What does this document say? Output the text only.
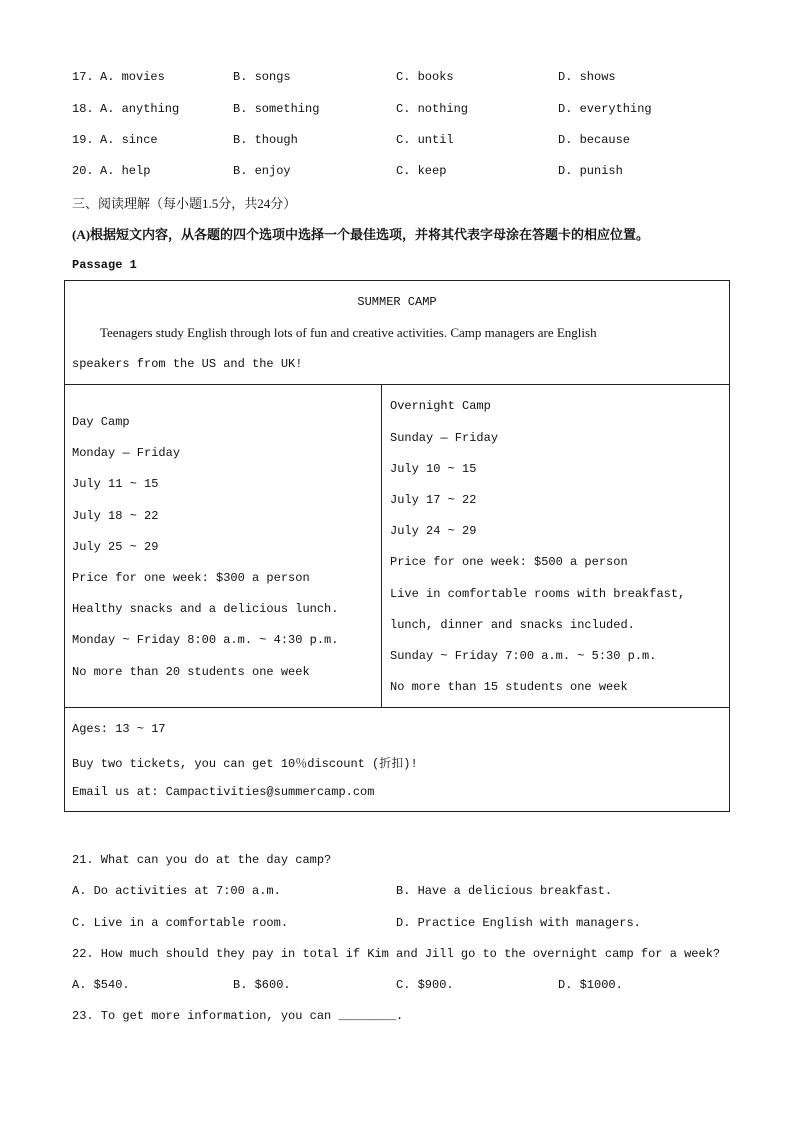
17. A. movies	B. songs	C. books	D. shows
18. A. anything	B. something	C. nothing	D. everything
19. A. since	B. though	C. until	D. because
20. A. help	B. enjoy	C. keep	D. punish
三、阅读理解（每小题1.5分，共24分）
(A)根据短文内容，从各题的四个选项中选择一个最佳选项，并将其代表字母涂在答题卡的相应位置。
Passage 1
SUMMER CAMP
Teenagers study English through lots of fun and creative activities. Camp managers are English
speakers from the US and the UK!
Day Camp
Monday — Friday
July 11 ~ 15
July 18 ~ 22
July 25 ~ 29
Price for one week: $300 a person
Healthy snacks and a delicious lunch.
Monday ~ Friday 8:00 a.m. ~ 4:30 p.m.
No more than 20 students one week
Overnight Camp
Sunday — Friday
July 10 ~ 15
July 17 ~ 22
July 24 ~ 29
Price for one week: $500 a person
Live in comfortable rooms with breakfast,
lunch, dinner and snacks included.
Sunday ~ Friday 7:00 a.m. ~ 5:30 p.m.
No more than 15 students one week
Ages: 13 ~ 17
Buy two tickets, you can get 10％discount (折扣)!
Email us at: Campactivities@summercamp.com
21. What can you do at the day camp?
A. Do activities at 7:00 a.m.	B. Have a delicious breakfast.
C. Live in a comfortable room.	D. Practice English with managers.
22. How much should they pay in total if Kim and Jill go to the overnight camp for a week?
A. $540.	B. $600.	C. $900.	D. $1000.
23. To get more information, you can ________.
